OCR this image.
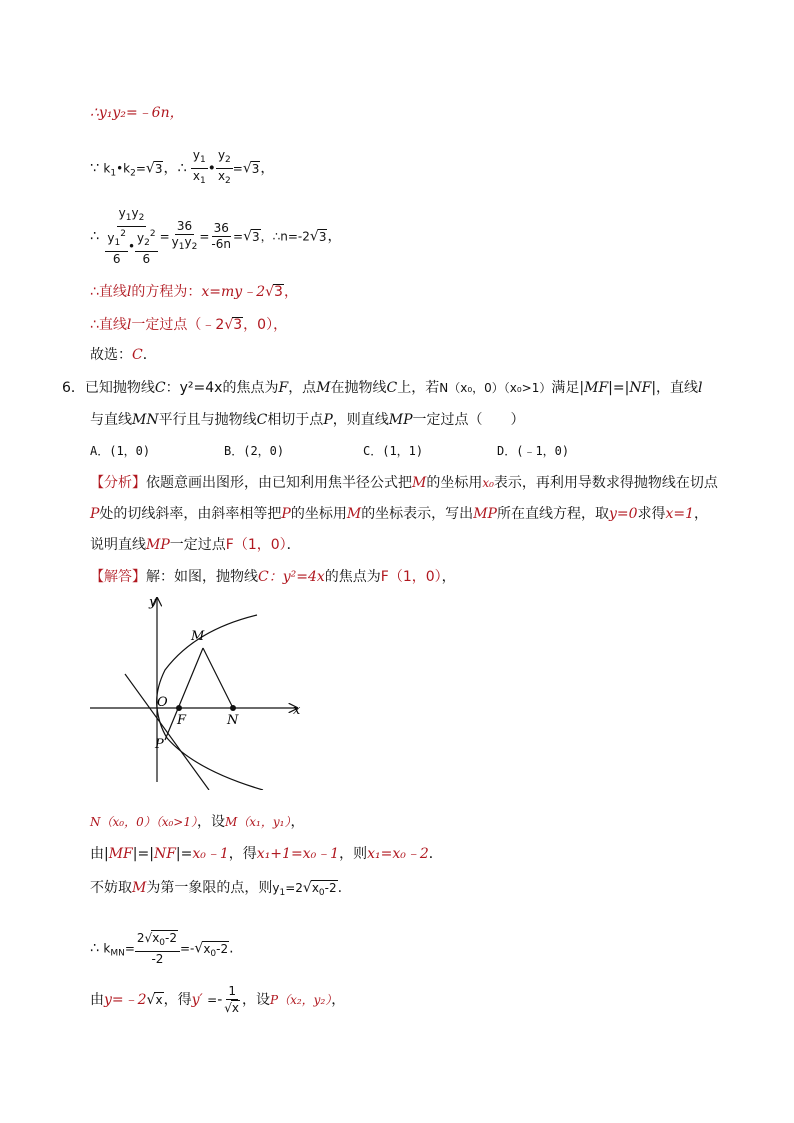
∴y₁y₂=﹣6n，
∵ $k_1•k_2=√3$，∴ $\frac{y_1}{x_1}$ • $\frac{y_2}{x_2} =√3$，
∴ $\frac{y_1y_2}{\frac{y_1^2}{6} • \frac{y_2^2}{6}} = \frac{36}{y_1y_2} = \frac{36}{-6n} =√3$，∴n=-2√3，
∴直线l的方程为：x=my﹣2√3，
∴直线l一定过点（﹣2√3，0），
故选：C．
6．已知抛物线C：y²=4x的焦点为F，点M在抛物线C上，若N（x₀，0）（x₀>1）满足|MF|=|NF|，直线l
与直线MN平行且与抛物线C相切于点P，则直线MP一定过点（　　）
A．(1，0)	B．(2，0)	C．(1，1)	D．(﹣1，0)
【分析】依题意画出图形，由已知利用焦半径公式把M的坐标用x₀表示，再利用导数求得抛物线在切点
P处的切线斜率，由斜率相等把P的坐标用M的坐标表示，写出MP所在直线方程，取y=0求得x=1，
说明直线MP一定过点F（1，0）．
【解答】解：如图，抛物线C：y²=4x的焦点为F（1，0），
y
x
M
O
F	N
P
N（x₀，0）（x₀>1），设M（x₁，y₁），
由|MF|=|NF|=x₀﹣1，得x₁+1=x₀﹣1，则x₁=x₀﹣2．
不妨取M为第一象限的点，则$y_1=2√x_0-2$.
∴ $k_{MN}= \frac{2√x_0-2}{-2} =-√x_0-2$.
由y=﹣2√x，得$y' =- \frac{1}{√x}$ ，设P（x₂，y₂），
